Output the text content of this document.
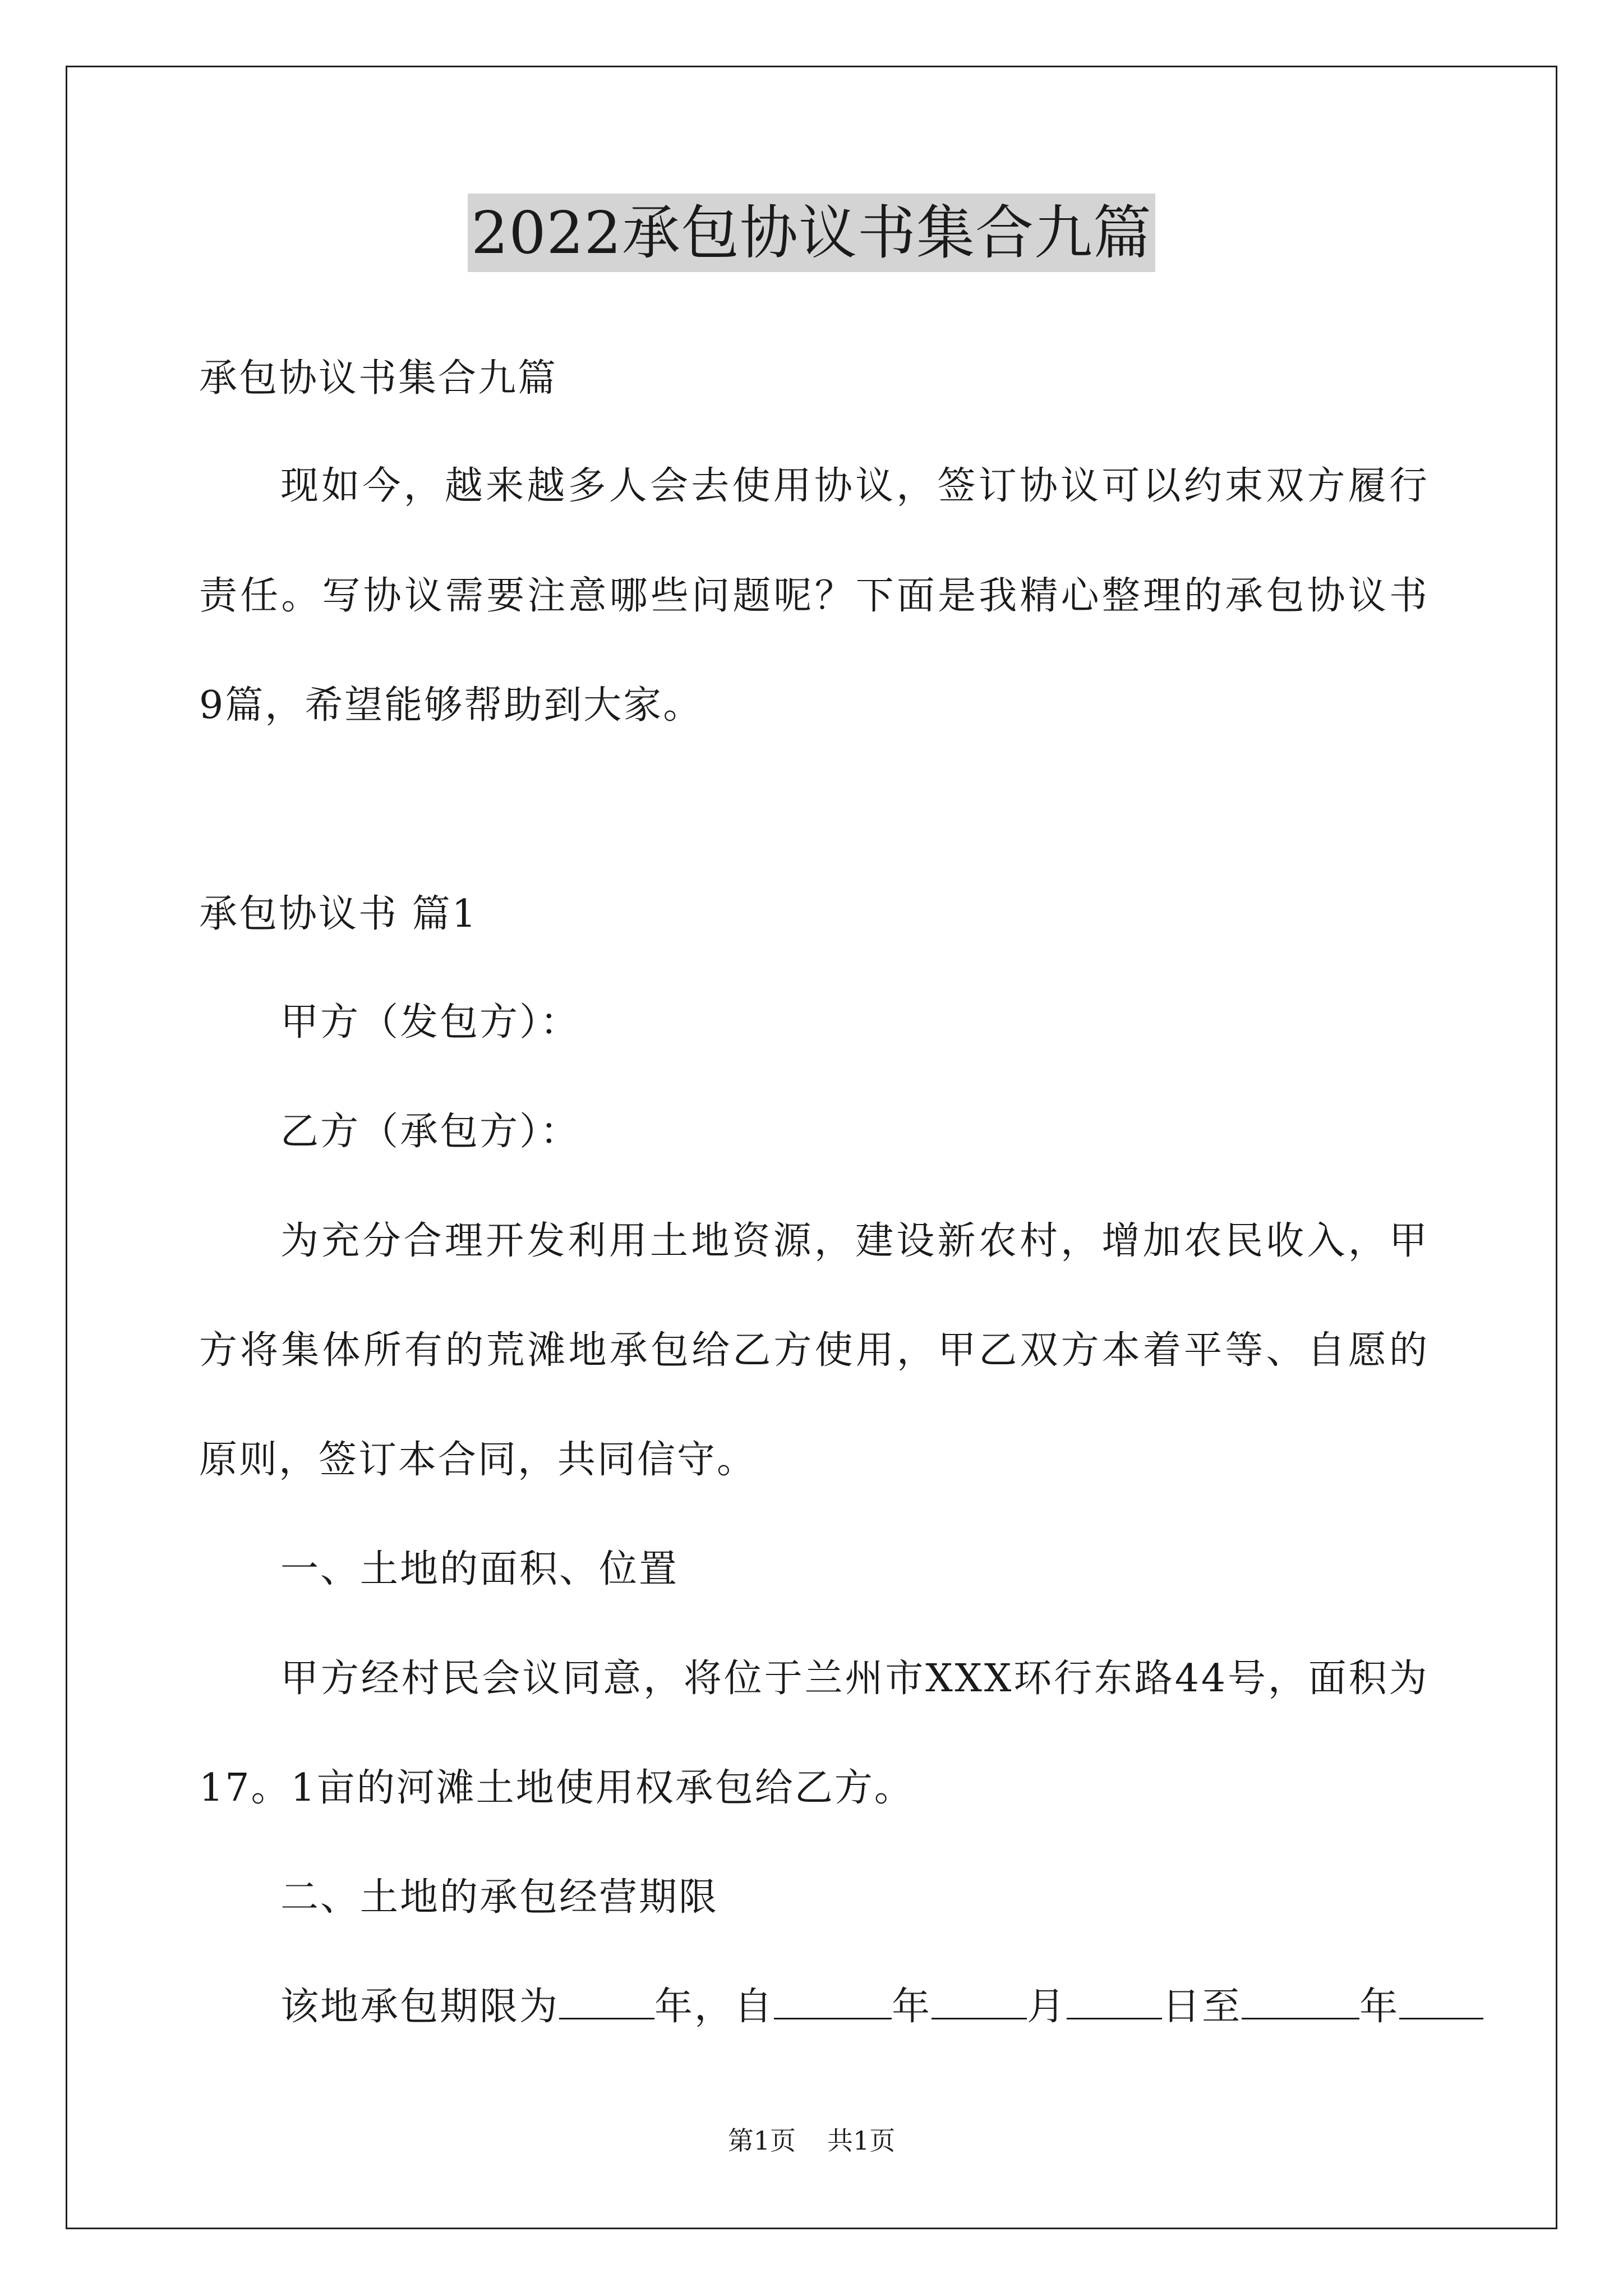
2022承包协议书集合九篇
承包协议书集合九篇
现 如 今 ， 越 来 越 多 人 会 去 使 用 协 议 ， 签 订 协 议 可 以 约 束 双 方 履 行
责 任 。 写 协 议 需 要 注 意 哪 些 问 题 呢 ？ 下 面 是 我 精 心 整 理 的 承 包 协 议 书
9篇，希望能够帮助到大家。
承包协议书 篇1
甲方（发包方）：
乙方（承包方）：
为 充 分 合 理 开 发 利 用 土 地 资 源 ， 建 设 新 农 村 ， 增 加 农 民 收 入 ， 甲
方 将 集 体 所 有 的 荒 滩 地 承 包 给 乙 方 使 用 ， 甲 乙 双 方 本 着 平 等 、 自 愿 的
原则，签订本合同，共同信守。
一、土地的面积、位置
甲 方 经 村 民 会 议 同 意 ， 将 位 于 兰 州 市 X X X 环 行 东 路 4 4 号 ， 面 积 为
17。1亩的河滩土地使用权承包给乙方。
二、土地的承包经营期限
该地承包期限为	年，自	年	月	日至	年
第1页 共1页
